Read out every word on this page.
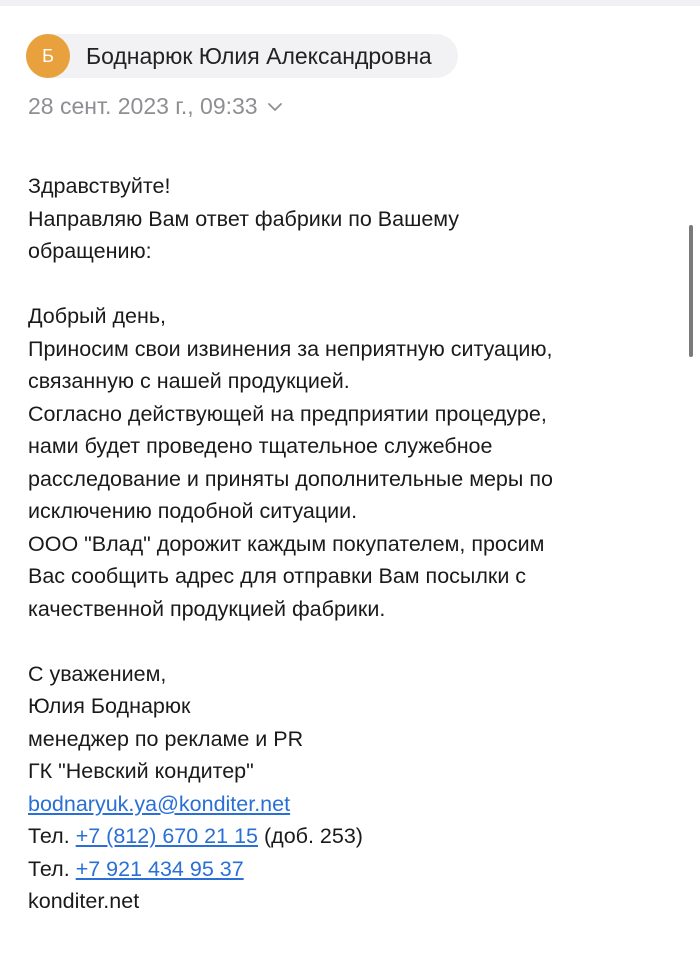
Б	Боднарюк Юлия Александровна
28 сент. 2023 г., 09:33
Здравствуйте!
Направляю Вам ответ фабрики по Вашему
обращению:
Добрый день,
Приносим свои извинения за неприятную ситуацию,
связанную с нашей продукцией.
Согласно действующей на предприятии процедуре,
нами будет проведено тщательное служебное
расследование и приняты дополнительные меры по
исключению подобной ситуации.
ООО "Влад" дорожит каждым покупателем, просим
Вас сообщить адрес для отправки Вам посылки с
качественной продукцией фабрики.
С уважением,
Юлия Боднарюк
менеджер по рекламе и PR
ГК "Невский кондитер"
bodnaryuk.ya@konditer.net
Тел. +7 (812) 670 21 15 (доб. 253)
Тел. +7 921 434 95 37
konditer.net
